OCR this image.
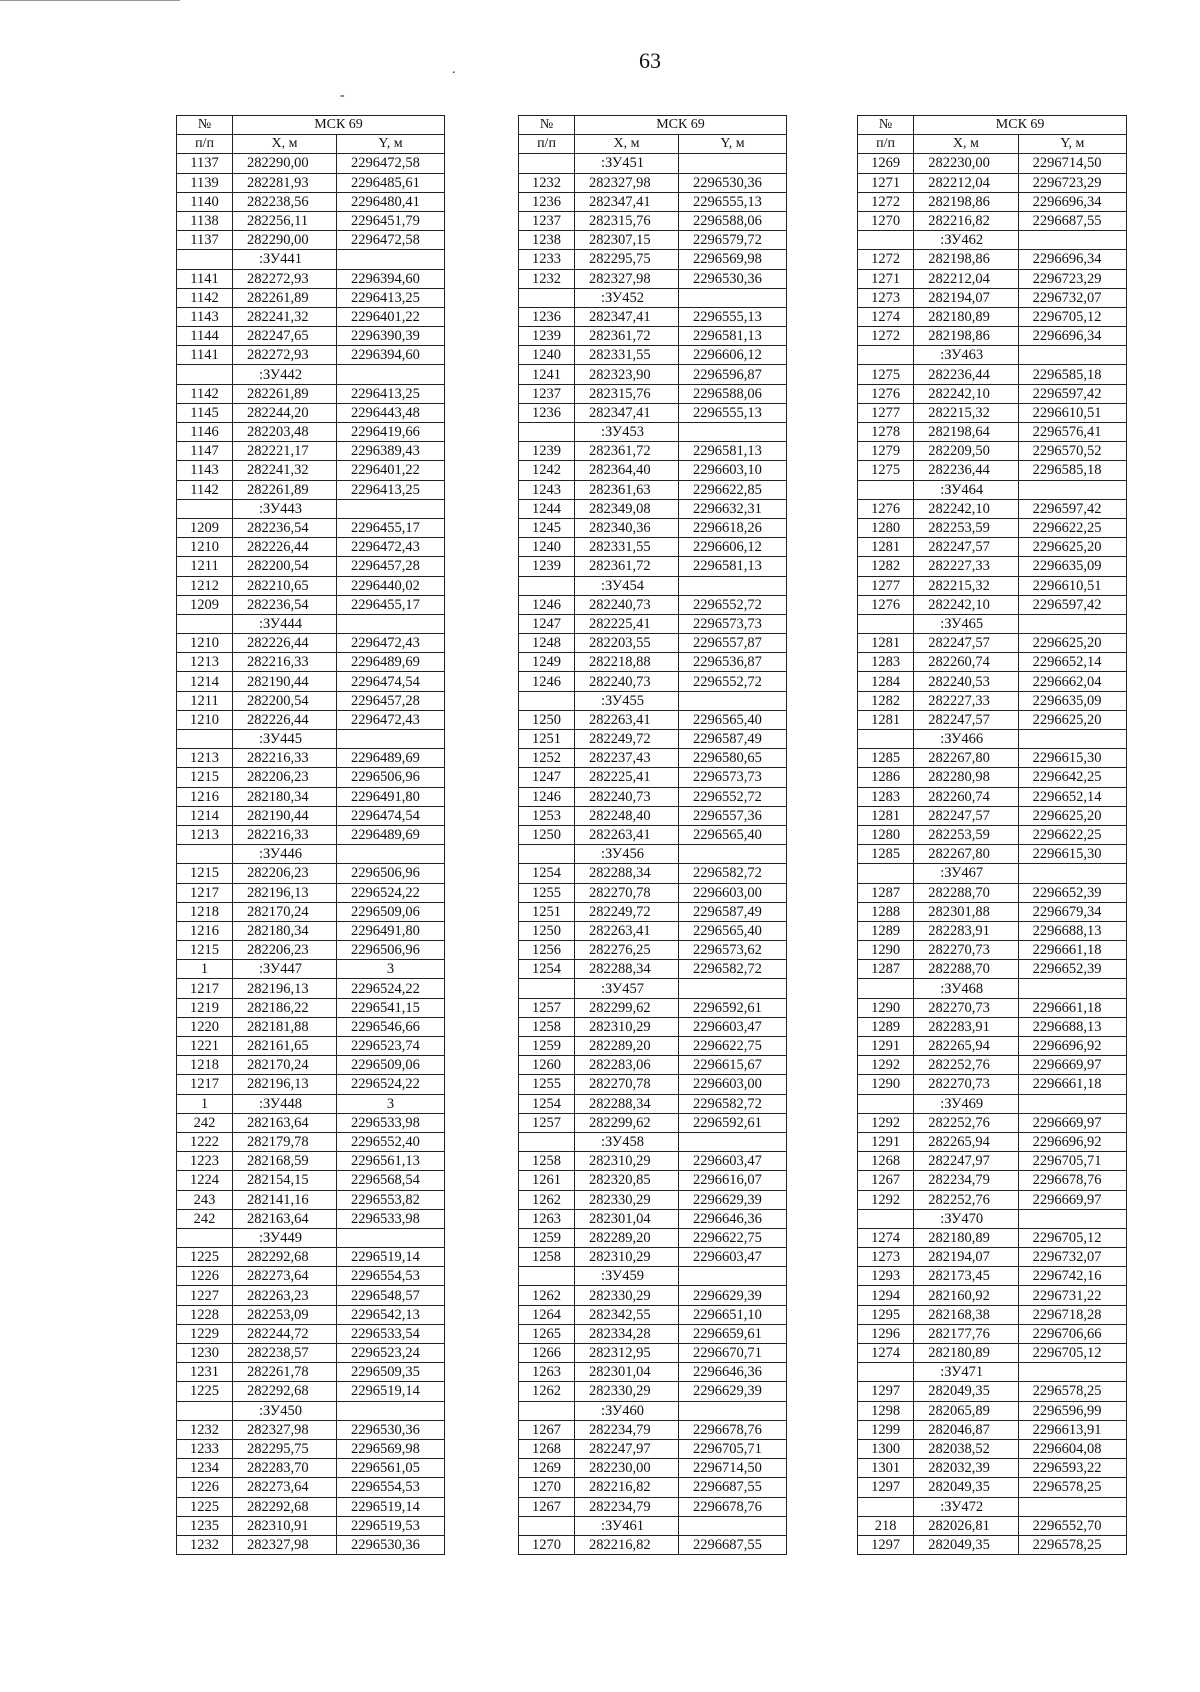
63
-
.
№	МСК 69	
п/п	X, м	Y, м
1137	282290,00	2296472,58
1139	282281,93	2296485,61
1140	282238,56	2296480,41
1138	282256,11	2296451,79
1137	282290,00	2296472,58
	:ЗУ441	
1141	282272,93	2296394,60
1142	282261,89	2296413,25
1143	282241,32	2296401,22
1144	282247,65	2296390,39
1141	282272,93	2296394,60
	:ЗУ442	
1142	282261,89	2296413,25
1145	282244,20	2296443,48
1146	282203,48	2296419,66
1147	282221,17	2296389,43
1143	282241,32	2296401,22
1142	282261,89	2296413,25
	:ЗУ443	
1209	282236,54	2296455,17
1210	282226,44	2296472,43
1211	282200,54	2296457,28
1212	282210,65	2296440,02
1209	282236,54	2296455,17
	:ЗУ444	
1210	282226,44	2296472,43
1213	282216,33	2296489,69
1214	282190,44	2296474,54
1211	282200,54	2296457,28
1210	282226,44	2296472,43
	:ЗУ445	
1213	282216,33	2296489,69
1215	282206,23	2296506,96
1216	282180,34	2296491,80
1214	282190,44	2296474,54
1213	282216,33	2296489,69
	:ЗУ446	
1215	282206,23	2296506,96
1217	282196,13	2296524,22
1218	282170,24	2296509,06
1216	282180,34	2296491,80
1215	282206,23	2296506,96
1	:ЗУ447	3
1217	282196,13	2296524,22
1219	282186,22	2296541,15
1220	282181,88	2296546,66
1221	282161,65	2296523,74
1218	282170,24	2296509,06
1217	282196,13	2296524,22
1	:ЗУ448	3
242	282163,64	2296533,98
1222	282179,78	2296552,40
1223	282168,59	2296561,13
1224	282154,15	2296568,54
243	282141,16	2296553,82
242	282163,64	2296533,98
	:ЗУ449	
1225	282292,68	2296519,14
1226	282273,64	2296554,53
1227	282263,23	2296548,57
1228	282253,09	2296542,13
1229	282244,72	2296533,54
1230	282238,57	2296523,24
1231	282261,78	2296509,35
1225	282292,68	2296519,14
	:ЗУ450	
1232	282327,98	2296530,36
1233	282295,75	2296569,98
1234	282283,70	2296561,05
1226	282273,64	2296554,53
1225	282292,68	2296519,14
1235	282310,91	2296519,53
1232	282327,98	2296530,36
№	МСК 69	
п/п	X, м	Y, м
	:ЗУ451	
1232	282327,98	2296530,36
1236	282347,41	2296555,13
1237	282315,76	2296588,06
1238	282307,15	2296579,72
1233	282295,75	2296569,98
1232	282327,98	2296530,36
	:ЗУ452	
1236	282347,41	2296555,13
1239	282361,72	2296581,13
1240	282331,55	2296606,12
1241	282323,90	2296596,87
1237	282315,76	2296588,06
1236	282347,41	2296555,13
	:ЗУ453	
1239	282361,72	2296581,13
1242	282364,40	2296603,10
1243	282361,63	2296622,85
1244	282349,08	2296632,31
1245	282340,36	2296618,26
1240	282331,55	2296606,12
1239	282361,72	2296581,13
	:ЗУ454	
1246	282240,73	2296552,72
1247	282225,41	2296573,73
1248	282203,55	2296557,87
1249	282218,88	2296536,87
1246	282240,73	2296552,72
	:ЗУ455	
1250	282263,41	2296565,40
1251	282249,72	2296587,49
1252	282237,43	2296580,65
1247	282225,41	2296573,73
1246	282240,73	2296552,72
1253	282248,40	2296557,36
1250	282263,41	2296565,40
	:ЗУ456	
1254	282288,34	2296582,72
1255	282270,78	2296603,00
1251	282249,72	2296587,49
1250	282263,41	2296565,40
1256	282276,25	2296573,62
1254	282288,34	2296582,72
	:ЗУ457	
1257	282299,62	2296592,61
1258	282310,29	2296603,47
1259	282289,20	2296622,75
1260	282283,06	2296615,67
1255	282270,78	2296603,00
1254	282288,34	2296582,72
1257	282299,62	2296592,61
	:ЗУ458	
1258	282310,29	2296603,47
1261	282320,85	2296616,07
1262	282330,29	2296629,39
1263	282301,04	2296646,36
1259	282289,20	2296622,75
1258	282310,29	2296603,47
	:ЗУ459	
1262	282330,29	2296629,39
1264	282342,55	2296651,10
1265	282334,28	2296659,61
1266	282312,95	2296670,71
1263	282301,04	2296646,36
1262	282330,29	2296629,39
	:ЗУ460	
1267	282234,79	2296678,76
1268	282247,97	2296705,71
1269	282230,00	2296714,50
1270	282216,82	2296687,55
1267	282234,79	2296678,76
	:ЗУ461	
1270	282216,82	2296687,55
№	МСК 69	
п/п	X, м	Y, м
1269	282230,00	2296714,50
1271	282212,04	2296723,29
1272	282198,86	2296696,34
1270	282216,82	2296687,55
	:ЗУ462	
1272	282198,86	2296696,34
1271	282212,04	2296723,29
1273	282194,07	2296732,07
1274	282180,89	2296705,12
1272	282198,86	2296696,34
	:ЗУ463	
1275	282236,44	2296585,18
1276	282242,10	2296597,42
1277	282215,32	2296610,51
1278	282198,64	2296576,41
1279	282209,50	2296570,52
1275	282236,44	2296585,18
	:ЗУ464	
1276	282242,10	2296597,42
1280	282253,59	2296622,25
1281	282247,57	2296625,20
1282	282227,33	2296635,09
1277	282215,32	2296610,51
1276	282242,10	2296597,42
	:ЗУ465	
1281	282247,57	2296625,20
1283	282260,74	2296652,14
1284	282240,53	2296662,04
1282	282227,33	2296635,09
1281	282247,57	2296625,20
	:ЗУ466	
1285	282267,80	2296615,30
1286	282280,98	2296642,25
1283	282260,74	2296652,14
1281	282247,57	2296625,20
1280	282253,59	2296622,25
1285	282267,80	2296615,30
	:ЗУ467	
1287	282288,70	2296652,39
1288	282301,88	2296679,34
1289	282283,91	2296688,13
1290	282270,73	2296661,18
1287	282288,70	2296652,39
	:ЗУ468	
1290	282270,73	2296661,18
1289	282283,91	2296688,13
1291	282265,94	2296696,92
1292	282252,76	2296669,97
1290	282270,73	2296661,18
	:ЗУ469	
1292	282252,76	2296669,97
1291	282265,94	2296696,92
1268	282247,97	2296705,71
1267	282234,79	2296678,76
1292	282252,76	2296669,97
	:ЗУ470	
1274	282180,89	2296705,12
1273	282194,07	2296732,07
1293	282173,45	2296742,16
1294	282160,92	2296731,22
1295	282168,38	2296718,28
1296	282177,76	2296706,66
1274	282180,89	2296705,12
	:ЗУ471	
1297	282049,35	2296578,25
1298	282065,89	2296596,99
1299	282046,87	2296613,91
1300	282038,52	2296604,08
1301	282032,39	2296593,22
1297	282049,35	2296578,25
	:ЗУ472	
218	282026,81	2296552,70
1297	282049,35	2296578,25
